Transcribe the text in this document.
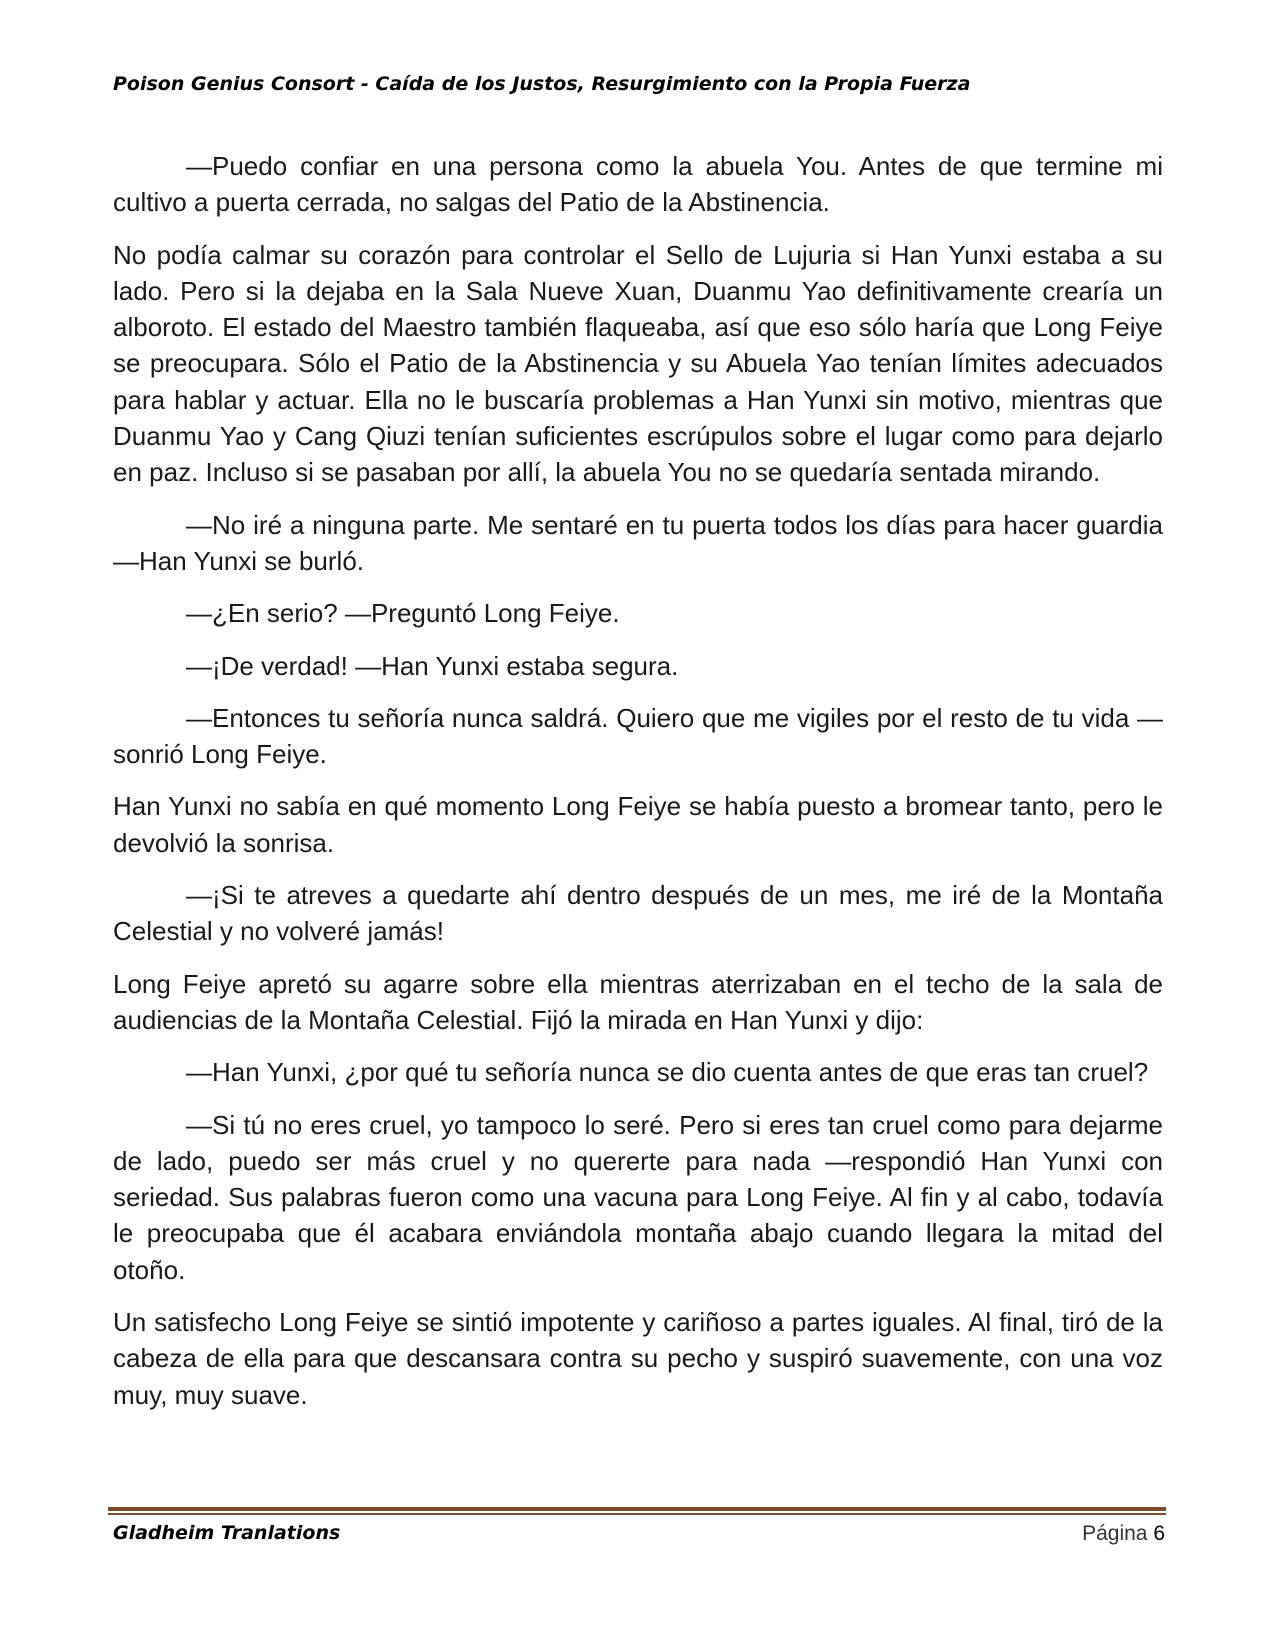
Poison Genius Consort - Caída de los Justos, Resurgimiento con la Propia Fuerza

—Puedo confiar en una persona como la abuela You. Antes de que termine mi cultivo a puerta cerrada, no salgas del Patio de la Abstinencia.

No podía calmar su corazón para controlar el Sello de Lujuria si Han Yunxi estaba a su lado. Pero si la dejaba en la Sala Nueve Xuan, Duanmu Yao definitivamente crearía un alboroto. El estado del Maestro también flaqueaba, así que eso sólo haría que Long Feiye se preocupara. Sólo el Patio de la Abstinencia y su Abuela Yao tenían límites adecuados para hablar y actuar. Ella no le buscaría problemas a Han Yunxi sin motivo, mientras que Duanmu Yao y Cang Qiuzi tenían suficientes escrúpulos sobre el lugar como para dejarlo en paz. Incluso si se pasaban por allí, la abuela You no se quedaría sentada mirando.

—No iré a ninguna parte. Me sentaré en tu puerta todos los días para hacer guardia —Han Yunxi se burló.

—¿En serio? —Preguntó Long Feiye.

—¡De verdad! —Han Yunxi estaba segura.

—Entonces tu señoría nunca saldrá. Quiero que me vigiles por el resto de tu vida —sonrió Long Feiye.

Han Yunxi no sabía en qué momento Long Feiye se había puesto a bromear tanto, pero le devolvió la sonrisa.

—¡Si te atreves a quedarte ahí dentro después de un mes, me iré de la Montaña Celestial y no volveré jamás!

Long Feiye apretó su agarre sobre ella mientras aterrizaban en el techo de la sala de audiencias de la Montaña Celestial. Fijó la mirada en Han Yunxi y dijo:

—Han Yunxi, ¿por qué tu señoría nunca se dio cuenta antes de que eras tan cruel?

—Si tú no eres cruel, yo tampoco lo seré. Pero si eres tan cruel como para dejarme de lado, puedo ser más cruel y no quererte para nada —respondió Han Yunxi con seriedad. Sus palabras fueron como una vacuna para Long Feiye. Al fin y al cabo, todavía le preocupaba que él acabara enviándola montaña abajo cuando llegara la mitad del otoño.

Un satisfecho Long Feiye se sintió impotente y cariñoso a partes iguales. Al final, tiró de la cabeza de ella para que descansara contra su pecho y suspiró suavemente, con una voz muy, muy suave.

Gladheim Tranlations	Página 6
